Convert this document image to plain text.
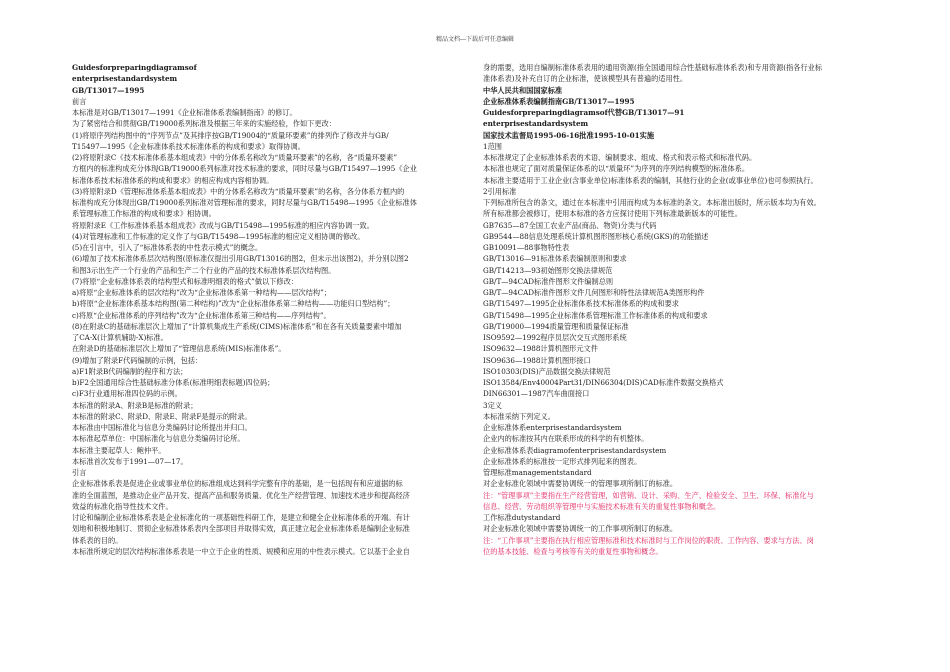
精品文档---下载后可任意编辑

Guidesforpreparingdiagramsof

enterprisestandardsystem

GB/T13017—1995

前言

本标准是对GB/T13017—1991《企业标准体系表编制指南》的修订。

为了紧密结合和贯彻GB/T19000系列标准及根据三年来的实施经验，作如下更改：

(1)将原序列结构图中的“序列节点”及其排序按GB/T19004的“质量环要素”的排列作了修改并与GB/

T15497—1995《企业标准体系技术标准体系的构成和要求》取得协调。

(2)将原附录C《技术标准体系基本组成表》中的分体系名称改为“质量环要素”的名称，各“质量环要素”

方框内的标准构成充分体现GB/T19000系列标准对技术标准的要求，同时尽量与GB/T15497—1995《企业

标准体系技术标准体系的构成和要求》的相应构成内容相协调。

(3)将原附录D《管理标准体系基本组成表》中的分体系名称改为“质量环要素”的名称，各分体系方框内的

标准构成充分体现出GB/T19000系列标准对管理标准的要求，同时尽量与GB/T15498—1995《企业标准体

系管理标准工作标准的构成和要求》相协调。

将原附录E《工作标准体系基本组成表》改成与GB/T15498—1995标准的相应内容协调一致。

(4)对管理标准和工作标准的定义作了与GB/T15498—1995标准的相应定义相协调的修改。

(5)在引言中，引入了“标准体系表的中性表示模式”的概念。

(6)增加了技术标准体系层次结构图(原标准仅提出引用GB/T13016的图2，但未示出该图2)，并分别以图2

和图3示出生产一个行业的产品和生产二个行业的产品的技术标准体系层次结构图。

(7)将原“企业标准体系表的结构型式和标准明细表的格式”做以下修改：

a)将原“企业标准体系的层次结构”改为“企业标准体系第一种结构——层次结构”；

b)将原“企业标准体系基本结构图(第二种结构)”改为“企业标准体系第二种结构——功能归口型结构”；

c)将原“企业标准体系的序列结构”改为“企业标准体系第三种结构——序列结构”。

(8)在附录C的基础标准层次上增加了“计算机集成生产系统(CIMS)标准体系”和在各有关质量要素中增加

了CA-X(计算机辅助-X)标准。

在附录D的基础标准层次上增加了“管理信息系统(MIS)标准体系”。

(9)增加了附录F代码编制的示例，包括：

a)F1附录B代码编制的程序和方法；

b)F2全国通用综合性基础标准分体系(标准明细表标题)四位码；

c)F3行业通用标准四位码的示例。

本标准的附录A、附录B是标准的附录；

本标准的附录C、附录D、附录E、附录F是提示的附录。

本标准由中国标准化与信息分类编码讨论所提出并归口。

本标准起草单位：中国标准化与信息分类编码讨论所。

本标准主要起草人：鲍仲平。

本标准首次发布于1991—07—17。

引言

企业标准体系表是促进企业或事业单位的标准组成达到科学完整有序的基础，是一包括现有和应道据的标

准的全面蓝图，是推动企业产品开发、提高产品和服务质量、优化生产经营管理、加速技术进步和提高经济

效益的标准化指导性技术文件。

讨论和编制企业标准体系表是企业标准化的一项基础性科研工作，是建立和健全企业标准体系的开端。有计

划地和积极地制订、贯彻企业标准体系表内全部项目并取得实效，真正建立起企业标准体系是编制企业标准

体系表的目的。

本标准所规定的层次结构标准体系表是一中立于企业的性质、规模和应用的中性表示模式。它以基于企业自

身的需要，选用自编制标准体系表用的通用资源(指全国通用综合性基础标准体系表)和专用资源(指各行业标

准体系表)及补充自订的企业标准，使该模型具有普遍的适用性。

中华人民共和国国家标准

企业标准体系表编制指南GB/T13017—1995

Guidesforpreparingdiagramsof代替GB/T13017—91

enterprisestandardsystem

国家技术监督局1995-06-16批准1995-10-01实施

1范围

本标准规定了企业标准体系表的术语、编制要求、组成、格式和表示格式和标准代码。

本标准也规定了面对质量保证体系的以“质量环”为序列的序列结构模型的标准体系。

本标准主要适用于工业企业(含事业单位)标准体系表的编制，其他行业的企业(或事业单位)也可参照执行。

2引用标准

下列标准所包含的条文，通过在本标准中引用而构成为本标准的条文。本标准出版时，所示版本均为有效。

所有标准都会被修订，使用本标准的各方应探讨使用下列标准最新版本的可能性。

GB7635—87全国工农业产品(商品、物资)分类与代码

GB9544—88信息处理系统计算机图形图形核心系统(GKS)的功能描述

GB10091—88事物特性表

GB/T13016—91标准体系表编制原则和要求

GB/T14213—93初始图形交换法律规范

GB/T—94CAD标准件图形文件编制总则

GB/T—94CAD标准件图形文件几何图形和特性法律规范A类图形构件

GB/T15497—1995企业标准体系技术标准体系的构成和要求

GB/T15498—1995企业标准体系管理标准工作标准体系的构成和要求

GB/T19000—1994质量管理和质量保证标准

ISO9592—1992程序员层次交互式图形系统

ISO9632—1988计算机图形元文件

ISO9636—1988计算机图形接口

ISO10303(DIS)产品数据交换法律规范

ISO13584/Env40004Part31/DIN66304(DIS)CAD标准件数据交换格式

DIN66301—1987汽车曲面接口

3定义

本标准采纳下列定义。

企业标准体系enterprisestandardsystem

企业内的标准按其内在联系形成的科学的有机整体。

企业标准体系表diagramofenterprisestandardsystem

企业标准体系的标准按一定形式排列起来的图表。

管理标准managementstandard

对企业标准化领域中需要协调统一的管理事项所制订的标准。

注：“管理事项”主要指在生产经营管理，如营销、设计、采购、生产、检验安全、卫生、环保、标准化与

信息、经营、劳动组织等管理中与实施技术标准有关的重复性事物和概念。

工作标准dutystandard

对企业标准化领域中需要协调统一的工作事项所制订的标准。

注：“工作事项”主要指在执行相应管理标准和技术标准时与工作岗位的职责、工作内容、要求与方法、岗

位的基本技能、检查与考核等有关的重复性事物和概念。
